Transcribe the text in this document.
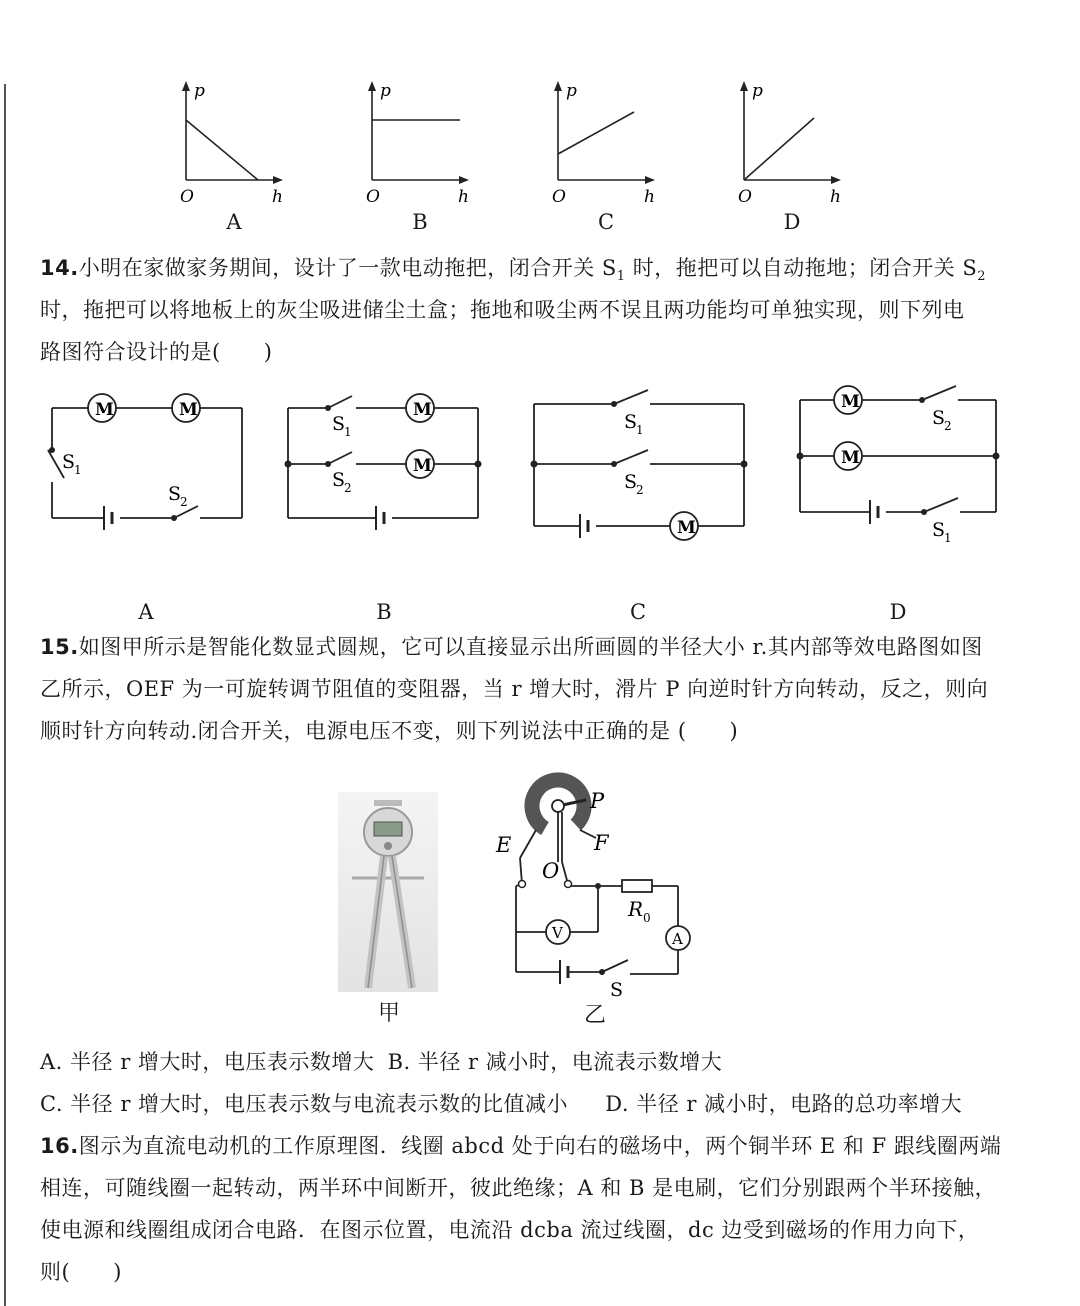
p
O	h
p
O	h
p
O	h
p
O	h
A	B	C	D
14.小明在家做家务期间，设计了一款电动拖把，闭合开关 $S_1$ 时，拖把可以自动拖地；闭合开关 $S_2$
时，拖把可以将地板上的灰尘吸进储尘土盒；拖地和吸尘两不误且两功能均可单独实现，则下列电
路图符合设计的是(　　)
M	M
S
1
S
2
M
M
S
1
S
2
M
S
1
S
2
M
M
S
2
S
1
A	B	C	D
15.如图甲所示是智能化数显式圆规，它可以直接显示出所画圆的半径大小 r.其内部等效电路图如图
乙所示，OEF 为一可旋转调节阻值的变阻器，当 r 增大时，滑片 P 向逆时针方向转动，反之，则向
顺时针方向转动.闭合开关，电源电压不变，则下列说法中正确的是 (　　)
甲
P
E	F
O
R 0
V	A
S
乙
A. 半径 r 增大时，电压表示数增大 B. 半径 r 减小时，电流表示数增大
C. 半径 r 增大时，电压表示数与电流表示数的比值减小 D. 半径 r 减小时，电路的总功率增大
16.图示为直流电动机的工作原理图．线圈 abcd 处于向右的磁场中，两个铜半环 E 和 F 跟线圈两端
相连，可随线圈一起转动，两半环中间断开，彼此绝缘；A 和 B 是电刷，它们分别跟两个半环接触，
使电源和线圈组成闭合电路．在图示位置，电流沿 dcba 流过线圈，dc 边受到磁场的作用力向下，
则(　　)
